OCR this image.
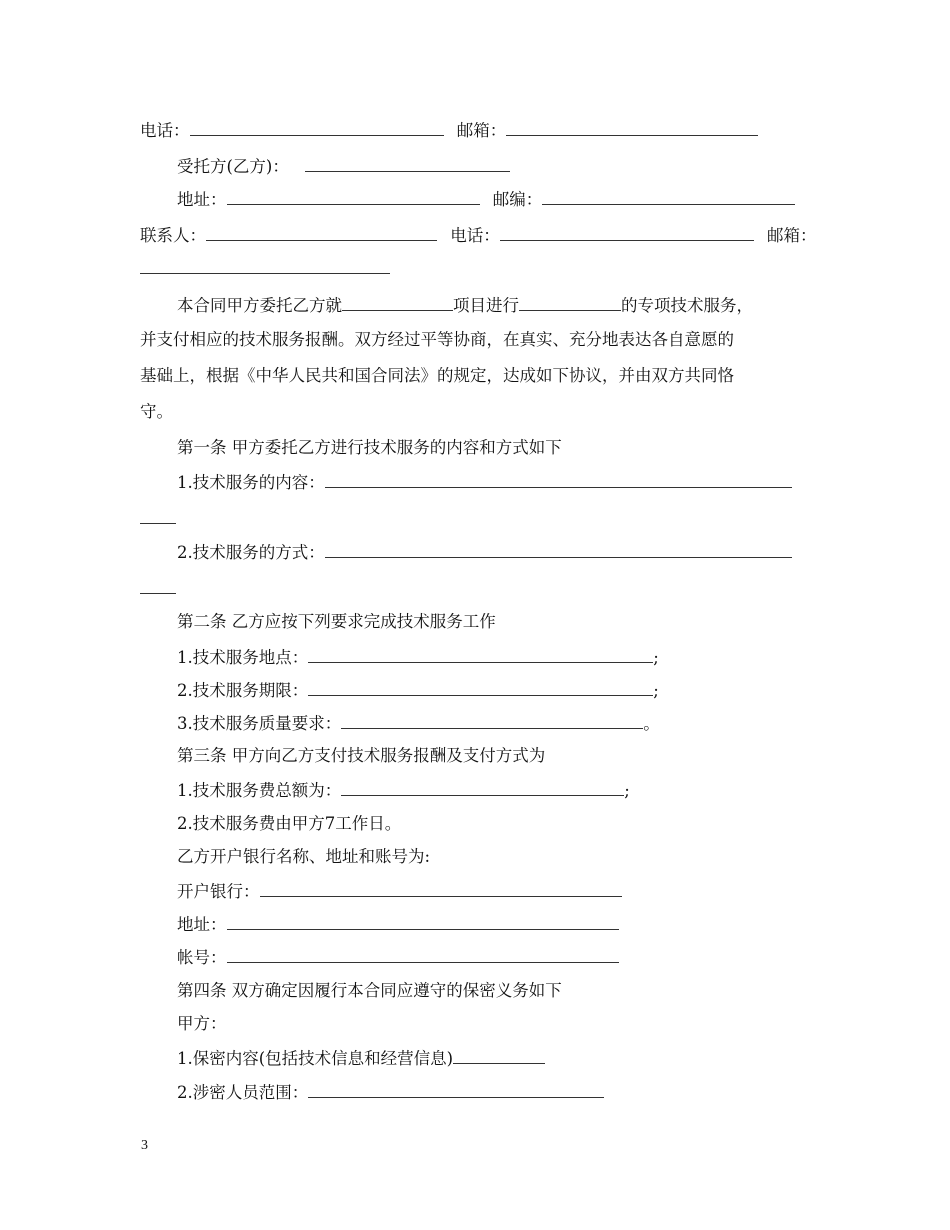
电话：	邮箱：
受托方(乙方)：
地址：	邮编：
联系人：	电话：	邮箱：
本合同甲方委托乙方就	项目进行	的专项技术服务，
并支付相应的技术服务报酬。双方经过平等协商，在真实、充分地表达各自意愿的
基础上，根据《中华人民共和国合同法》的规定，达成如下协议，并由双方共同恪
守。
第一条 甲方委托乙方进行技术服务的内容和方式如下
1.技术服务的内容：
2.技术服务的方式：
第二条 乙方应按下列要求完成技术服务工作
1.技术服务地点：	;
2.技术服务期限：	;
3.技术服务质量要求：	。
第三条 甲方向乙方支付技术服务报酬及支付方式为
1.技术服务费总额为：	;
2.技术服务费由甲方7工作日。
乙方开户银行名称、地址和账号为:
开户银行：
地址：
帐号：
第四条 双方确定因履行本合同应遵守的保密义务如下
甲方：
1.保密内容(包括技术信息和经营信息)
2.涉密人员范围：
3
